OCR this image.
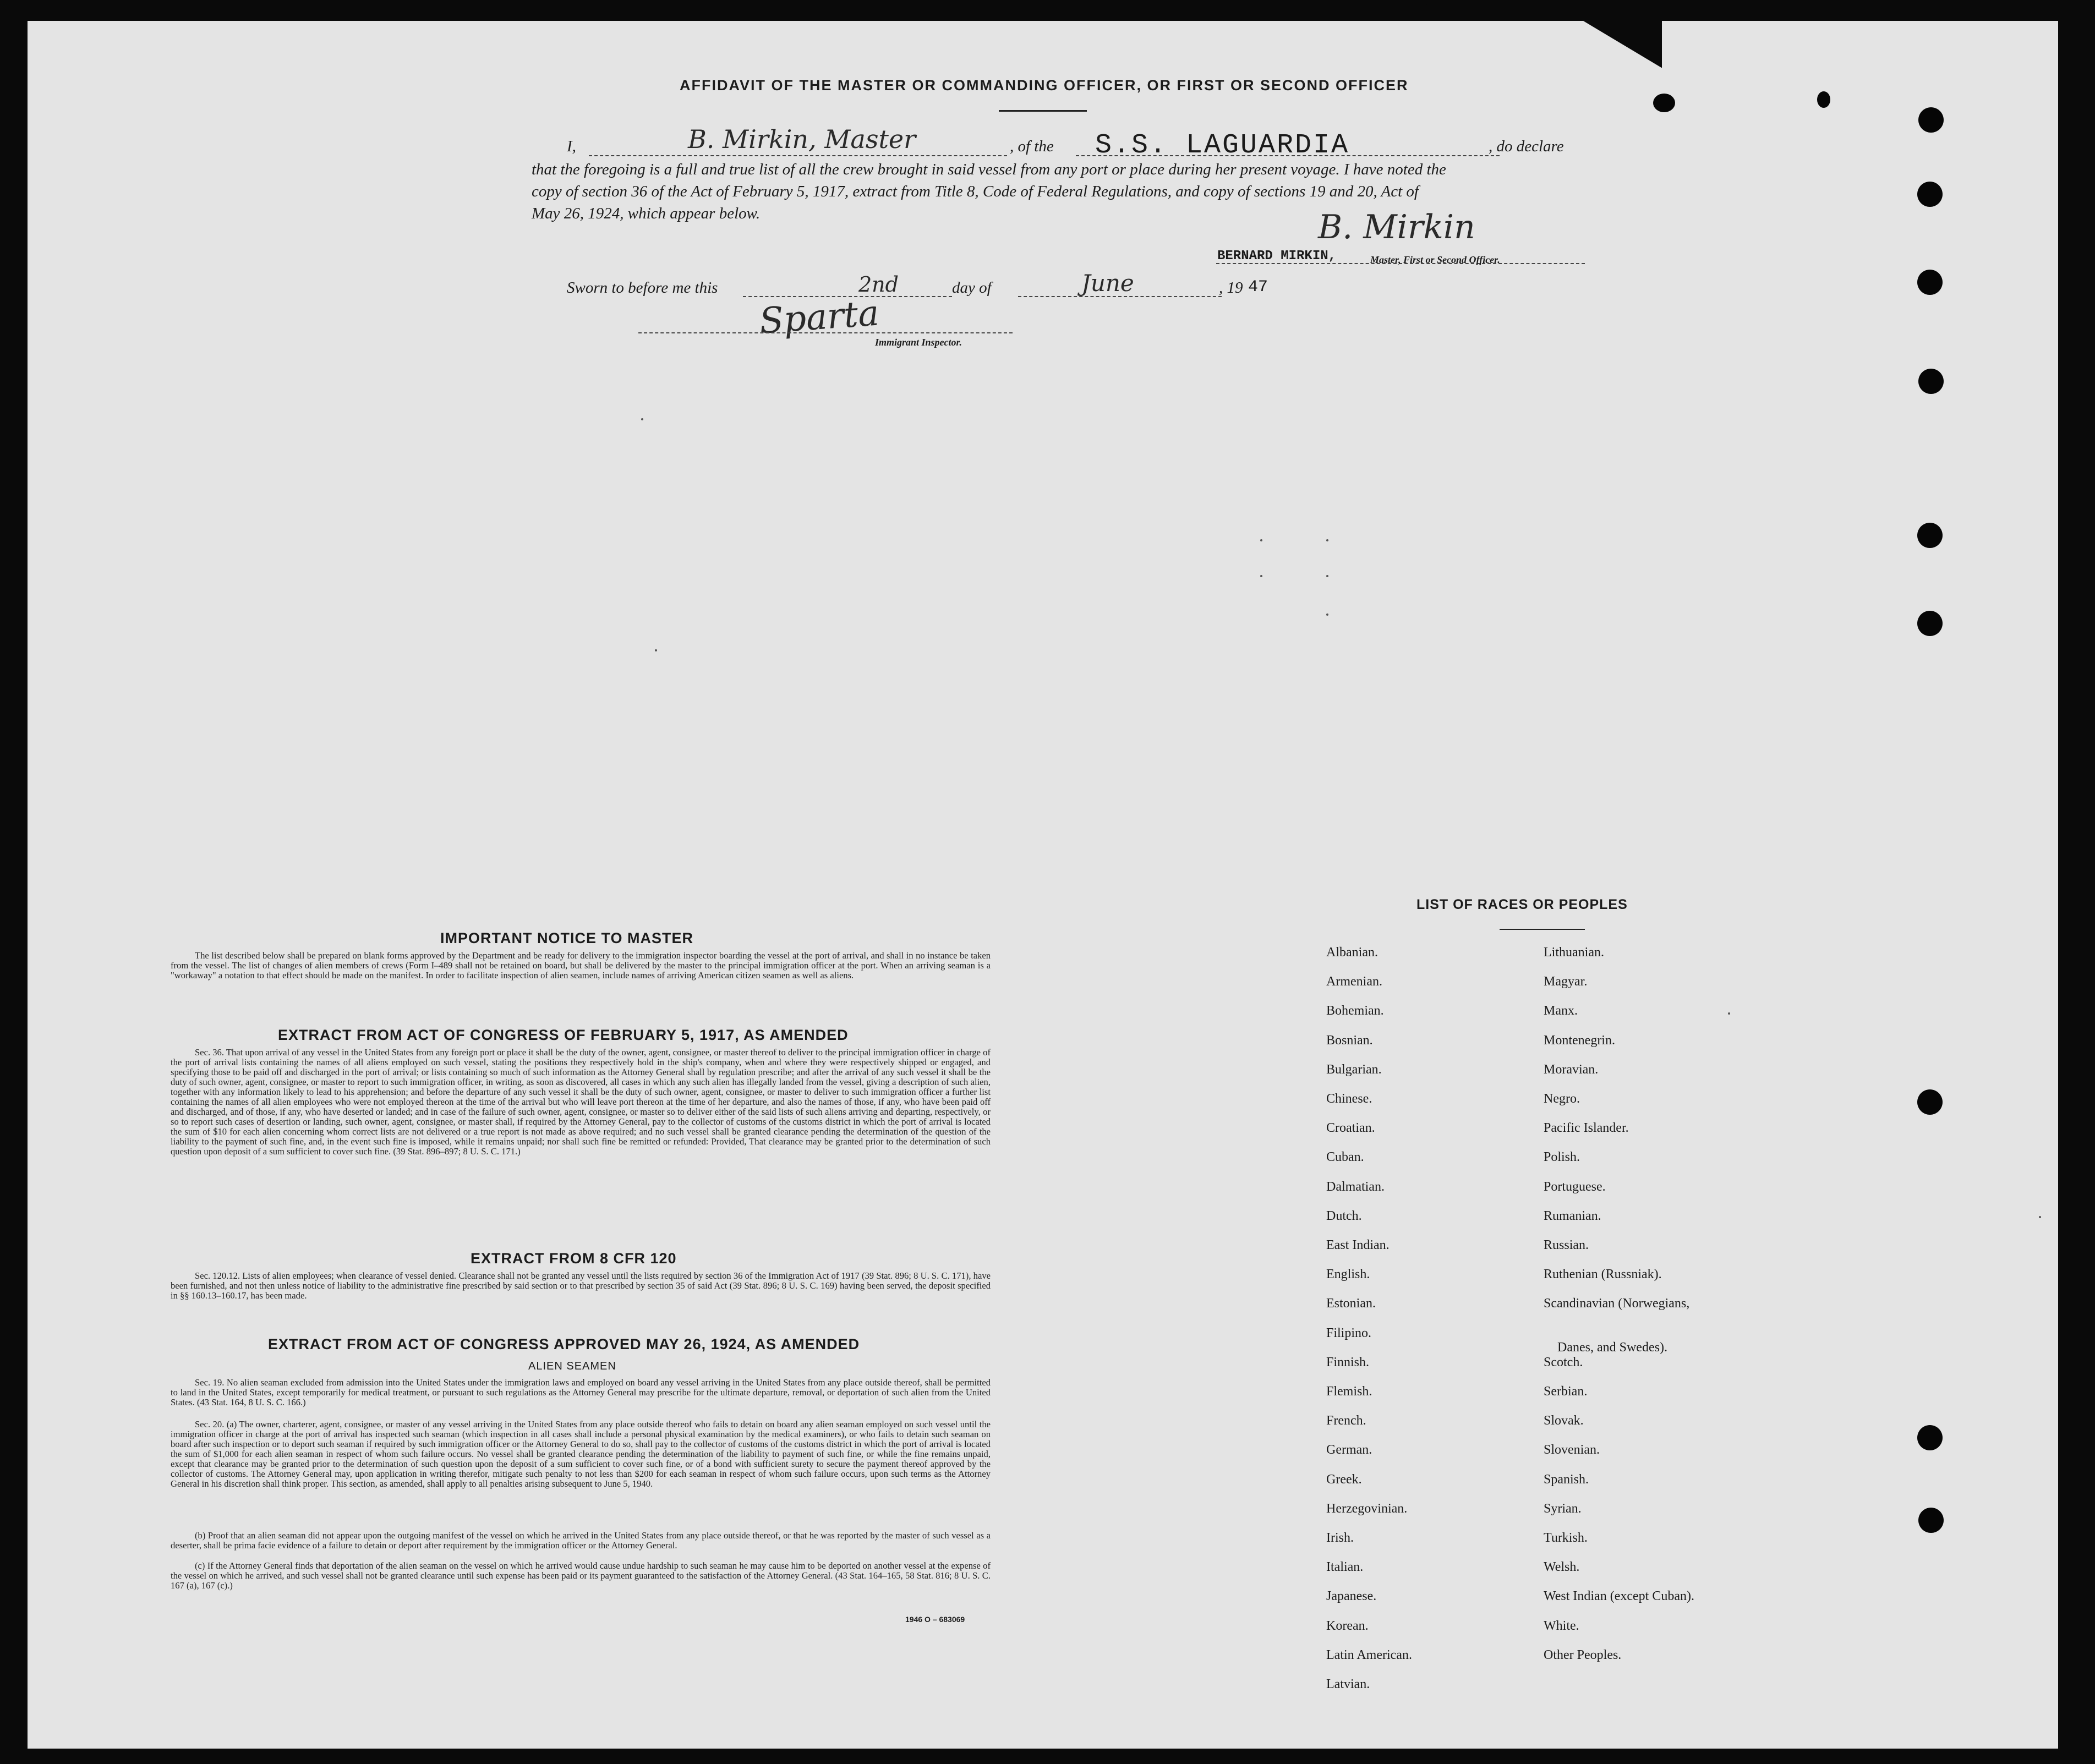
AFFIDAVIT OF THE MASTER OR COMMANDING OFFICER, OR FIRST OR SECOND OFFICER
I,	B. Mirkin, Master	, of the S.S. LAGUARDIA	, do declare
that the foregoing is a full and true list of all the crew brought in said vessel from any port or place during her present voyage. I have noted the
copy of section 36 of the Act of February 5, 1917, extract from Title 8, Code of Federal Regulations, and copy of sections 19 and 20, Act of
May 26, 1924, which appear below.	B. Mirkin
BERNARD MIRKIN,	Master, First or Second Officer.
Sworn to before me this	2nd	day of	June	, 19 47
Sparta
Immigrant Inspector.
IMPORTANT NOTICE TO MASTER
The list described below shall be prepared on blank forms approved by the Department and be ready for delivery to the immigration inspector boarding the vessel at the port of arrival, and shall in no instance be taken from the vessel. The list of changes of alien members of crews (Form I–489 shall not be retained on board, but shall be delivered by the master to the principal immigration officer at the port. When an arriving seaman is a "workaway" a notation to that effect should be made on the manifest. In order to facilitate inspection of alien seamen, include names of arriving American citizen seamen as well as aliens.
EXTRACT FROM ACT OF CONGRESS OF FEBRUARY 5, 1917, AS AMENDED
Sec. 36. That upon arrival of any vessel in the United States from any foreign port or place it shall be the duty of the owner, agent, consignee, or master thereof to deliver to the principal immigration officer in charge of the port of arrival lists containing the names of all aliens employed on such vessel, stating the positions they respectively hold in the ship's company, when and where they were respectively shipped or engaged, and specifying those to be paid off and discharged in the port of arrival; or lists containing so much of such information as the Attorney General shall by regulation prescribe; and after the arrival of any such vessel it shall be the duty of such owner, agent, consignee, or master to report to such immigration officer, in writing, as soon as discovered, all cases in which any such alien has illegally landed from the vessel, giving a description of such alien, together with any information likely to lead to his apprehension; and before the departure of any such vessel it shall be the duty of such owner, agent, consignee, or master to deliver to such immigration officer a further list containing the names of all alien employees who were not employed thereon at the time of the arrival but who will leave port thereon at the time of her departure, and also the names of those, if any, who have been paid off and discharged, and of those, if any, who have deserted or landed; and in case of the failure of such owner, agent, consignee, or master so to deliver either of the said lists of such aliens arriving and departing, respectively, or so to report such cases of desertion or landing, such owner, agent, consignee, or master shall, if required by the Attorney General, pay to the collector of customs of the customs district in which the port of arrival is located the sum of $10 for each alien concerning whom correct lists are not delivered or a true report is not made as above required; and no such vessel shall be granted clearance pending the determination of the question of the liability to the payment of such fine, and, in the event such fine is imposed, while it remains unpaid; nor shall such fine be remitted or refunded: Provided, That clearance may be granted prior to the determination of such question upon deposit of a sum sufficient to cover such fine. (39 Stat. 896–897; 8 U. S. C. 171.)
EXTRACT FROM 8 CFR 120
Sec. 120.12. Lists of alien employees; when clearance of vessel denied. Clearance shall not be granted any vessel until the lists required by section 36 of the Immigration Act of 1917 (39 Stat. 896; 8 U. S. C. 171), have been furnished, and not then unless notice of liability to the administrative fine prescribed by said section or to that prescribed by section 35 of said Act (39 Stat. 896; 8 U. S. C. 169) having been served, the deposit specified in §§ 160.13–160.17, has been made.
EXTRACT FROM ACT OF CONGRESS APPROVED MAY 26, 1924, AS AMENDED
ALIEN SEAMEN
Sec. 19. No alien seaman excluded from admission into the United States under the immigration laws and employed on board any vessel arriving in the United States from any place outside thereof, shall be permitted to land in the United States, except temporarily for medical treatment, or pursuant to such regulations as the Attorney General may prescribe for the ultimate departure, removal, or deportation of such alien from the United States. (43 Stat. 164, 8 U. S. C. 166.)
Sec. 20. (a) The owner, charterer, agent, consignee, or master of any vessel arriving in the United States from any place outside thereof who fails to detain on board any alien seaman employed on such vessel until the immigration officer in charge at the port of arrival has inspected such seaman (which inspection in all cases shall include a personal physical examination by the medical examiners), or who fails to detain such seaman on board after such inspection or to deport such seaman if required by such immigration officer or the Attorney General to do so, shall pay to the collector of customs of the customs district in which the port of arrival is located the sum of $1,000 for each alien seaman in respect of whom such failure occurs. No vessel shall be granted clearance pending the determination of the liability to payment of such fine, or while the fine remains unpaid, except that clearance may be granted prior to the determination of such question upon the deposit of a sum sufficient to cover such fine, or of a bond with sufficient surety to secure the payment thereof approved by the collector of customs. The Attorney General may, upon application in writing therefor, mitigate such penalty to not less than $200 for each seaman in respect of whom such failure occurs, upon such terms as the Attorney General in his discretion shall think proper. This section, as amended, shall apply to all penalties arising subsequent to June 5, 1940.
(b) Proof that an alien seaman did not appear upon the outgoing manifest of the vessel on which he arrived in the United States from any place outside thereof, or that he was reported by the master of such vessel as a deserter, shall be prima facie evidence of a failure to detain or deport after requirement by the immigration officer or the Attorney General.
(c) If the Attorney General finds that deportation of the alien seaman on the vessel on which he arrived would cause undue hardship to such seaman he may cause him to be deported on another vessel at the expense of the vessel on which he arrived, and such vessel shall not be granted clearance until such expense has been paid or its payment guaranteed to the satisfaction of the Attorney General. (43 Stat. 164–165, 58 Stat. 816; 8 U. S. C. 167 (a), 167 (c).)
1946 O – 683069
LIST OF RACES OR PEOPLES
Albanian.
Armenian.
Bohemian.
Bosnian.
Bulgarian.
Chinese.
Croatian.
Cuban.
Dalmatian.
Dutch.
East Indian.
English.
Estonian.
Filipino.
Finnish.
Flemish.
French.
German.
Greek.
Herzegovinian.
Irish.
Italian.
Japanese.
Korean.
Latin American.
Latvian.
Lithuanian.
Magyar.
Manx.
Montenegrin.
Moravian.
Negro.
Pacific Islander.
Polish.
Portuguese.
Rumanian.
Russian.
Ruthenian (Russniak).
Scandinavian (Norwegians,
Danes, and Swedes).
Scotch.
Serbian.
Slovak.
Slovenian.
Spanish.
Syrian.
Turkish.
Welsh.
West Indian (except Cuban).
White.
Other Peoples.
